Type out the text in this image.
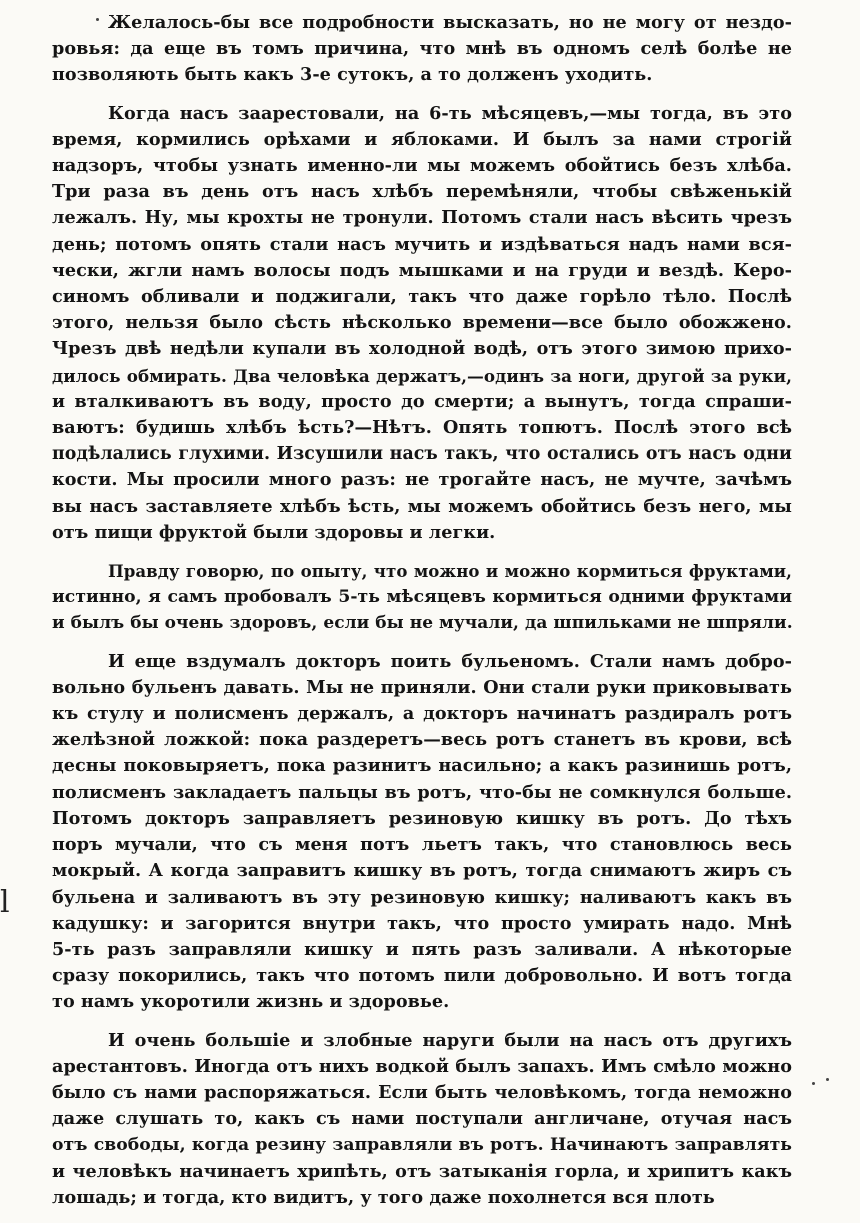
l
Желалось-бы все подробности высказать, но не могу от нездо-
ровья: да еще въ томъ причина, что мнѣ въ одномъ селѣ болѣе не
позволяють быть какъ 3-е сутокъ, а то долженъ уходить.
Когда насъ заарестовали, на 6-ть мѣсяцевъ,—мы тогда, въ это
время, кормились орѣхами и яблоками. И былъ за нами строгій
надзоръ, чтобы узнать именно-ли мы можемъ обойтись безъ хлѣба.
Три раза въ день отъ насъ хлѣбъ перемѣняли, чтобы свѣженькій
лежалъ. Ну, мы крохты не тронули. Потомъ стали насъ вѣсить чрезъ
день; потомъ опять стали насъ мучить и издѣваться надъ нами вся-
чески, жгли намъ волосы подъ мышками и на груди и вездѣ. Керо-
синомъ обливали и поджигали, такъ что даже горѣло тѣло. Послѣ
этого, нельзя было сѣсть нѣсколько времени—все было обожжено.
Чрезъ двѣ недѣли купали въ холодной водѣ, отъ этого зимою прихо-
дилось обмирать. Два человѣка держатъ,—одинъ за ноги, другой за руки,
и вталкиваютъ въ воду, просто до смерти; а вынутъ, тогда спраши-
ваютъ: будишь хлѣбъ ѣсть?—Нѣтъ. Опять топютъ. Послѣ этого всѣ
подѣлались глухими. Изсушили насъ такъ, что остались отъ насъ одни
кости. Мы просили много разъ: не трогайте насъ, не мучте, зачѣмъ
вы насъ заставляете хлѣбъ ѣсть, мы можемъ обойтись безъ него, мы
отъ пищи фруктой были здоровы и легки.
Правду говорю, по опыту, что можно и можно кормиться фруктами,
истинно, я самъ пробовалъ 5-ть мѣсяцевъ кормиться одними фруктами
и былъ бы очень здоровъ, если бы не мучали, да шпильками не шпряли.
И еще вздумалъ докторъ поить бульеномъ. Стали намъ добро-
вольно бульенъ давать. Мы не приняли. Они стали руки приковывать
къ стулу и полисменъ держалъ, а докторъ начинатъ раздиралъ ротъ
желѣзной ложкой: пока раздеретъ—весь ротъ станетъ въ крови, всѣ
десны поковыряетъ, пока разинитъ насильно; а какъ разинишь ротъ,
полисменъ закладаетъ пальцы въ ротъ, что-бы не сомкнулся больше.
Потомъ докторъ заправляетъ резиновую кишку въ ротъ. До тѣхъ
поръ мучали, что съ меня потъ льетъ такъ, что становлюсь весь
мокрый. А когда заправитъ кишку въ ротъ, тогда снимаютъ жиръ съ
бульена и заливаютъ въ эту резиновую кишку; наливаютъ какъ въ
кадушку: и загорится внутри такъ, что просто умирать надо. Мнѣ
5-ть разъ заправляли кишку и пять разъ заливали. А нѣкоторые
сразу покорились, такъ что потомъ пили добровольно. И вотъ тогда
то намъ укоротили жизнь и здоровье.
И очень большіе и злобные наруги были на насъ отъ другихъ
арестантовъ. Иногда отъ нихъ водкой былъ запахъ. Имъ смѣло можно
было съ нами распоряжаться. Если быть человѣкомъ, тогда неможно
даже слушать то, какъ съ нами поступали англичане, отучая насъ
отъ свободы, когда резину заправляли въ ротъ. Начинаютъ заправлять
и человѣкъ начинаетъ хрипѣть, отъ затыканія горла, и хрипитъ какъ
лошадь; и тогда, кто видитъ, у того даже похолнется вся плоть
